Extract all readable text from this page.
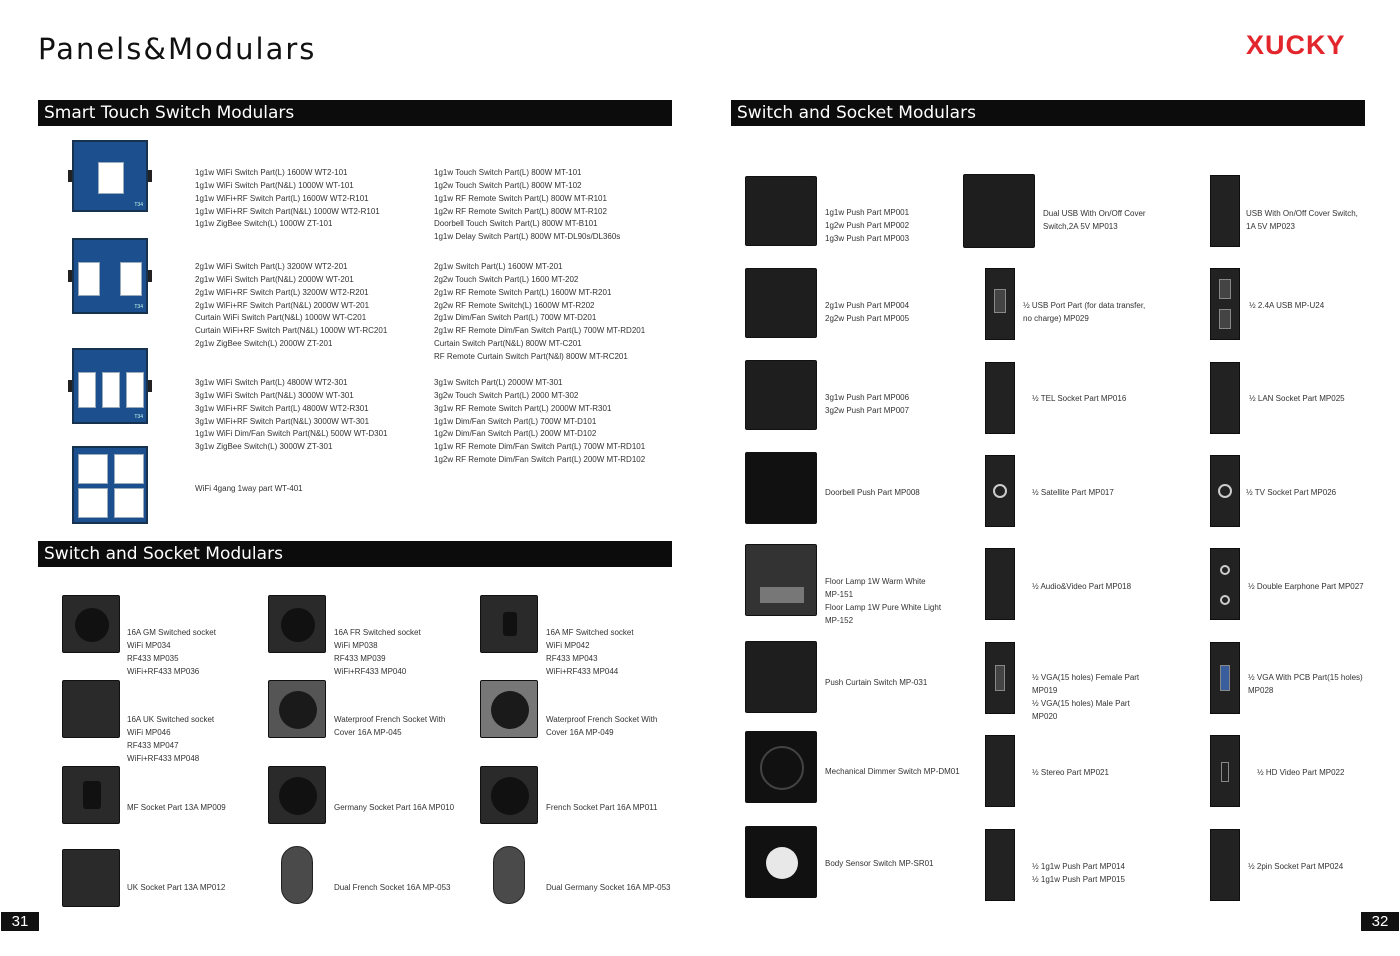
Panels&Modulars	XUCKY
Smart Touch Switch Modulars
Switch and Socket Modulars
Switch and Socket Modulars
31	32
T34
T34
T34

1g1w WiFi Switch Part(L) 1600W WT2-101
1g1w WiFi Switch Part(N&L) 1000W WT-101
1g1w WiFi+RF Switch Part(L) 1600W WT2-R101
1g1w WiFi+RF Switch Part(N&L) 1000W WT2-R101
1g1w ZigBee Switch(L) 1000W ZT-101

1g1w Touch Switch Part(L) 800W MT-101
1g2w Touch Switch Part(L) 800W MT-102
1g1w RF Remote Switch Part(L) 800W MT-R101
1g2w RF Remote Switch Part(L) 800W MT-R102
Doorbell Touch Switch Part(L) 800W MT-B101
1g1w Delay Switch Part(L) 800W MT-DL90s/DL360s

2g1w WiFi Switch Part(L) 3200W WT2-201
2g1w WiFi Switch Part(N&L) 2000W WT-201
2g1w WiFi+RF Switch Part(L) 3200W WT2-R201
2g1w WiFi+RF Switch Part(N&L) 2000W WT-201
Curtain WiFi Switch Part(N&L) 1000W WT-C201
Curtain WiFi+RF Switch Part(N&L) 1000W WT-RC201
2g1w ZigBee Switch(L) 2000W ZT-201

2g1w Switch Part(L) 1600W MT-201
2g2w Touch Switch Part(L) 1600 MT-202
2g1w RF Remote Switch Part(L) 1600W MT-R201
2g2w RF Remote Switch(L) 1600W MT-R202
2g1w Dim/Fan Switch Part(L) 700W MT-D201
2g1w RF Remote Dim/Fan Switch Part(L) 700W MT-RD201
Curtain Switch Part(N&L) 800W MT-C201
RF Remote Curtain Switch Part(N&l) 800W MT-RC201

3g1w WiFi Switch Part(L) 4800W WT2-301
3g1w WiFi Switch Part(N&L) 3000W WT-301
3g1w WiFi+RF Switch Part(L) 4800W WT2-R301
3g1w WiFi+RF Switch Part(N&L) 3000W WT-301
1g1w WiFi Dim/Fan Switch Part(N&L) 500W WT-D301
3g1w ZigBee Switch(L) 3000W ZT-301

3g1w Switch Part(L) 2000W MT-301
3g2w Touch Switch Part(L) 2000 MT-302
3g1w RF Remote Switch Part(L) 2000W MT-R301
1g1w Dim/Fan Switch Part(L) 700W MT-D101
1g2w Dim/Fan Switch Part(L) 200W MT-D102
1g1w RF Remote Dim/Fan Switch Part(L) 700W MT-RD101
1g2w RF Remote Dim/Fan Switch Part(L) 200W MT-RD102

WiFi 4gang 1way part WT-401

16A GM Switched socket
WiFi MP034
RF433 MP035
WiFi+RF433 MP036

16A FR Switched socket
WiFi MP038
RF433 MP039
WiFi+RF433 MP040

16A MF Switched socket
WiFi MP042
RF433 MP043
WiFi+RF433 MP044

16A UK Switched socket
WiFi MP046
RF433 MP047
WiFi+RF433 MP048

Waterproof French Socket With
Cover 16A MP-045

Waterproof French Socket With
Cover 16A MP-049

MF Socket Part 13A MP009

	Germany Socket Part 16A MP010

	French Socket Part 16A MP011

UK Socket Part 13A MP012

	Dual French Socket 16A MP-053

	Dual Germany Socket 16A MP-053

1g1w Push Part MP001
1g2w Push Part MP002
1g3w Push Part MP003

2g1w Push Part MP004
2g2w Push Part MP005

3g1w Push Part MP006
3g2w Push Part MP007

Doorbell Push Part MP008

Floor Lamp 1W Warm White
MP-151
Floor Lamp 1W Pure White Light
MP-152

Push Curtain Switch MP-031

Mechanical Dimmer Switch MP-DM01

Body Sensor Switch MP-SR01

Dual USB With On/Off Cover
Switch,2A 5V MP013

½ USB Port Part (for data transfer,
no charge) MP029

½ TEL Socket Part MP016

½ Satellite Part MP017

½ Audio&Video Part MP018

½ VGA(15 holes) Female Part
MP019
½ VGA(15 holes) Male Part
MP020

½ Stereo Part MP021

½ 1g1w Push Part MP014
½ 1g1w Push Part MP015

USB With On/Off Cover Switch,
1A 5V MP023

½ 2.4A USB MP-U24

½ LAN Socket Part MP025

½ TV Socket Part MP026

½ Double Earphone Part MP027

½ VGA With PCB Part(15 holes)
MP028

½ HD Video Part MP022

½ 2pin Socket Part MP024
